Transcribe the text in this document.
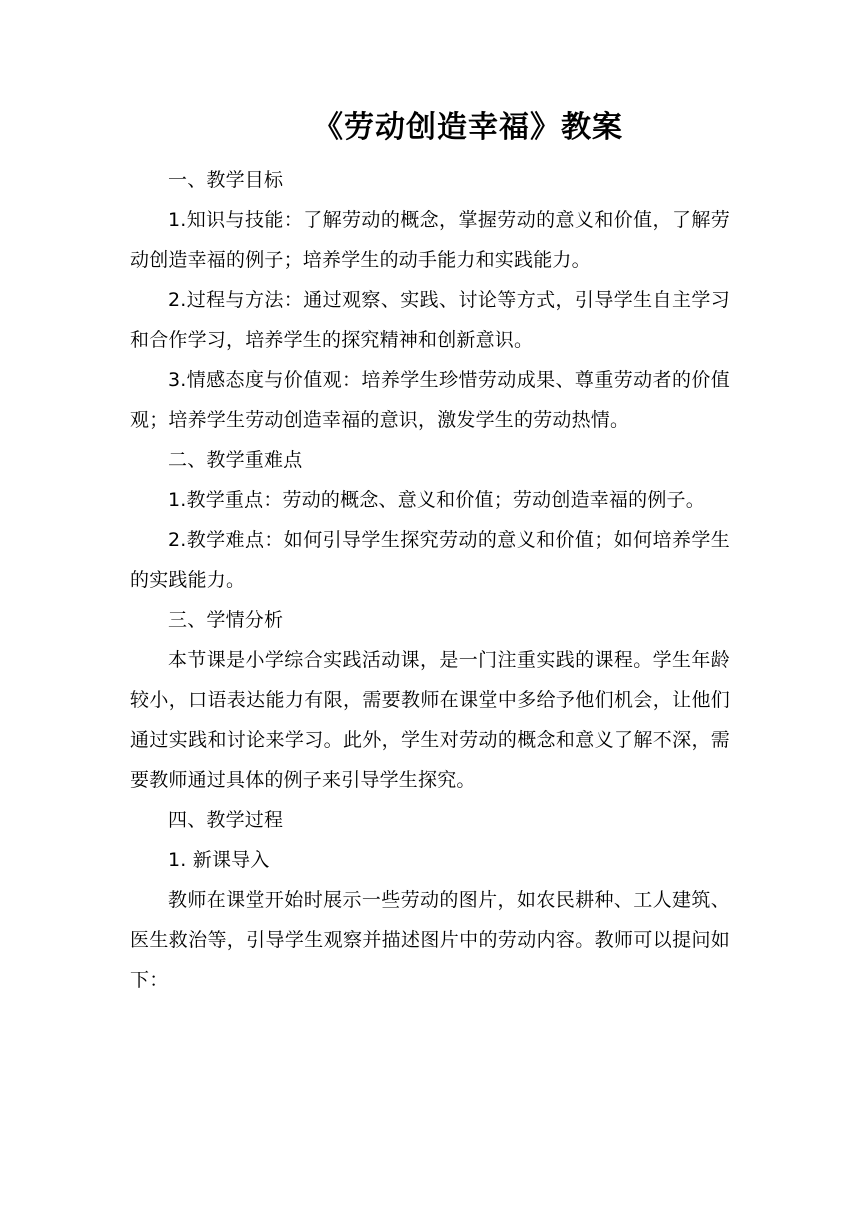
《劳动创造幸福》教案

一、教学目标

1.知识与技能：了解劳动的概念，掌握劳动的意义和价值，了解劳动创造幸福的例子；培养学生的动手能力和实践能力。

2.过程与方法：通过观察、实践、讨论等方式，引导学生自主学习和合作学习，培养学生的探究精神和创新意识。

3.情感态度与价值观：培养学生珍惜劳动成果、尊重劳动者的价值观；培养学生劳动创造幸福的意识，激发学生的劳动热情。

二、教学重难点

1.教学重点：劳动的概念、意义和价值；劳动创造幸福的例子。

2.教学难点：如何引导学生探究劳动的意义和价值；如何培养学生的实践能力。

三、学情分析

本节课是小学综合实践活动课，是一门注重实践的课程。学生年龄较小，口语表达能力有限，需要教师在课堂中多给予他们机会，让他们通过实践和讨论来学习。此外，学生对劳动的概念和意义了解不深，需要教师通过具体的例子来引导学生探究。

四、教学过程

1. 新课导入

教师在课堂开始时展示一些劳动的图片，如农民耕种、工人建筑、医生救治等，引导学生观察并描述图片中的劳动内容。教师可以提问如下：
